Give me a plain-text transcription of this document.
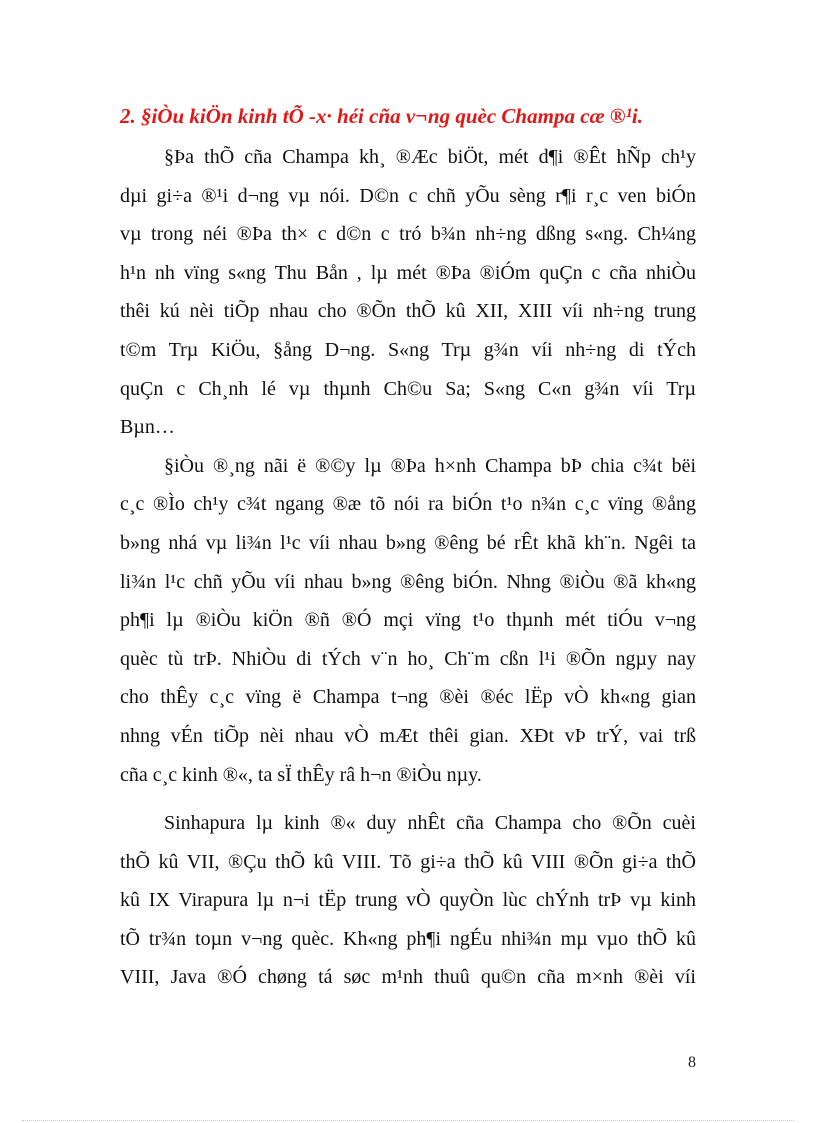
2. §iÒu kiÖn kinh tÕ -x· héi cña v¬ng quèc Champa cæ ®¹i.
§Þa thÕ cña Champa kh¸ ®Æc biÖt, mét d¶i ®Êt hÑp ch¹y
dµi gi÷a ®¹i d¬ng vµ nói. D©n c chñ yÕu sèng r¶i r¸c ven biÓn
vµ trong néi ®Þa th× c d©n c tró b¾n nh÷ng dßng s«ng. Ch¼ng
h¹n nh vïng s«ng Thu Bån , lµ mét ®Þa ®iÓm quÇn c cña nhiÒu
thêi kú nèi tiÕp nhau cho ®Õn thÕ kû XII, XIII víi nh÷ng trung
t©m Trµ KiÖu, §ång D¬ng. S«ng Trµ g¾n víi nh÷ng di tÝch
quÇn c Ch¸nh lé vµ thµnh Ch©u Sa; S«ng C«n g¾n víi Trµ
Bµn…
§iÒu ®¸ng nãi ë ®©y lµ ®Þa h×nh Champa bÞ chia c¾t bëi
c¸c ®Ìo ch¹y c¾t ngang ®æ tõ nói ra biÓn t¹o n¾n c¸c vïng ®ång
b»ng nhá vµ li¾n l¹c víi nhau b»ng ®êng bé rÊt khã kh¨n. Ngêi ta
li¾n l¹c chñ yÕu víi nhau b»ng ®êng biÓn. Nhng ®iÒu ®ã kh«ng
ph¶i lµ ®iÒu kiÖn ®ñ ®Ó mçi vïng t¹o thµnh mét tiÓu v¬ng
quèc tù trÞ. NhiÒu di tÝch v¨n ho¸ Ch¨m cßn l¹i ®Õn ngµy nay
cho thÊy c¸c vïng ë Champa t¬ng ®èi ®éc lËp vÒ kh«ng gian
nhng vÉn tiÕp nèi nhau vÒ mÆt thêi gian. XÐt vÞ trÝ, vai trß
cña c¸c kinh ®«, ta sÏ thÊy râ h¬n ®iÒu nµy.
Sinhapura lµ kinh ®« duy nhÊt cña Champa cho ®Õn cuèi
thÕ kû VII, ®Çu thÕ kû VIII. Tõ gi÷a thÕ kû VIII ®Õn gi÷a thÕ
kû IX Virapura lµ n¬i tËp trung vÒ quyÒn lùc chÝnh trÞ vµ kinh
tÕ tr¾n toµn v¬ng quèc. Kh«ng ph¶i ngÉu nhi¾n mµ vµo thÕ kû
VIII, Java ®Ó chøng tá søc m¹nh thuû qu©n cña m×nh ®èi víi
8
